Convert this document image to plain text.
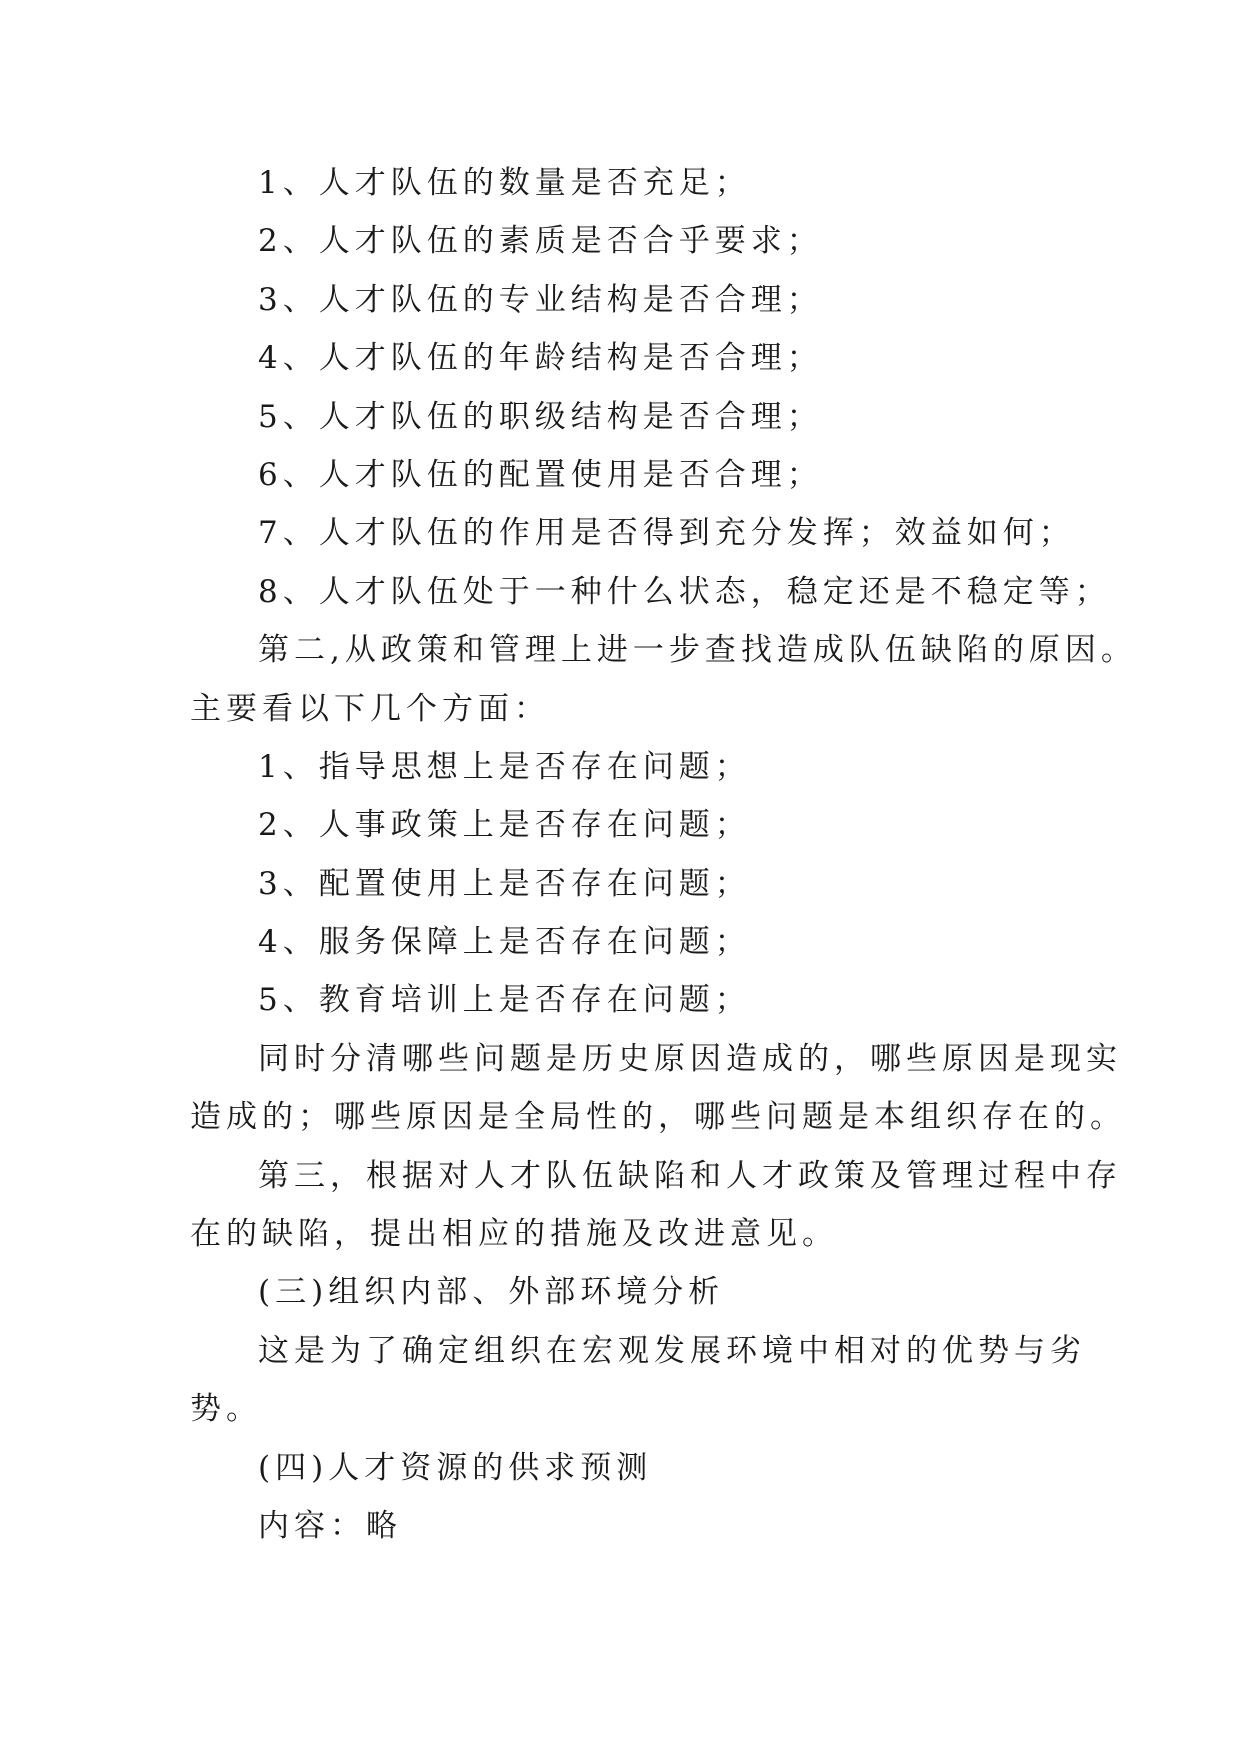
1、人才队伍的数量是否充足；
2、人才队伍的素质是否合乎要求；
3、人才队伍的专业结构是否合理；
4、人才队伍的年龄结构是否合理；
5、人才队伍的职级结构是否合理；
6、人才队伍的配置使用是否合理；
7、人才队伍的作用是否得到充分发挥；效益如何；
8、人才队伍处于一种什么状态，稳定还是不稳定等；
第二,从政策和管理上进一步查找造成队伍缺陷的原因。
主要看以下几个方面：
1、指导思想上是否存在问题；
2、人事政策上是否存在问题；
3、配置使用上是否存在问题；
4、服务保障上是否存在问题；
5、教育培训上是否存在问题；
同时分清哪些问题是历史原因造成的，哪些原因是现实
造成的；哪些原因是全局性的，哪些问题是本组织存在的。
第三，根据对人才队伍缺陷和人才政策及管理过程中存
在的缺陷，提出相应的措施及改进意见。
(三)组织内部、外部环境分析
这是为了确定组织在宏观发展环境中相对的优势与劣
势。
(四)人才资源的供求预测
内容：略
